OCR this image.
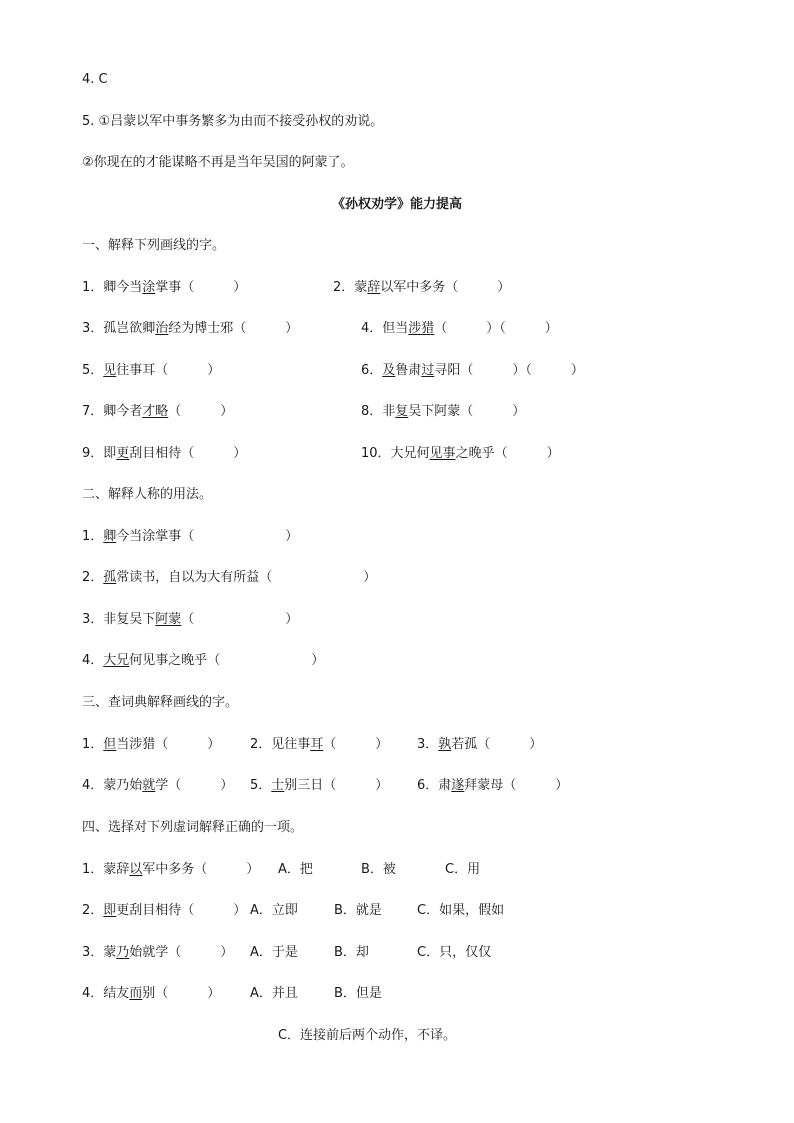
4. C
5. ①吕蒙以军中事务繁多为由而不接受孙权的劝说。
②你现在的才能谋略不再是当年吴国的阿蒙了。
《孙权劝学》能力提高
一、解释下列画线的字。
1．卿今当涂掌事（　　　）	2．蒙辞以军中多务（　　　）
3．孤岂欲卿治经为博士邪（　　　）	4．但当涉猎（　　　）（　　　）
5．见往事耳（　　　）	6．及鲁肃过寻阳（　　　）（　　　）
7．卿今者才略（　　　）	8．非复吴下阿蒙（　　　）
9．即更刮目相待（　　　）	10．大兄何见事之晚乎（　　　）
二、解释人称的用法。
1．卿今当涂掌事（　　　　　　　）
2．孤常读书，自以为大有所益（　　　　　　　）
3．非复吴下阿蒙（　　　　　　　）
4．大兄何见事之晚乎（　　　　　　　）
三、查词典解释画线的字。
1．但当涉猎（　　　） 2．见往事耳（　　　） 3．孰若孤（　　　）
4．蒙乃始就学（　　　） 5．士别三日（　　　） 6．肃遂拜蒙母（　　　）
四、选择对下列虚词解释正确的一项。
1．蒙辞以军中多务（　　　） A．把	B．被	C．用
2．即更刮目相待（　　　） A．立即	B．就是	C．如果，假如
3．蒙乃始就学（　　　） A．于是	B．却	C．只，仅仅
4．结友而别（　　　） A．并且	B．但是
C．连接前后两个动作，不译。
